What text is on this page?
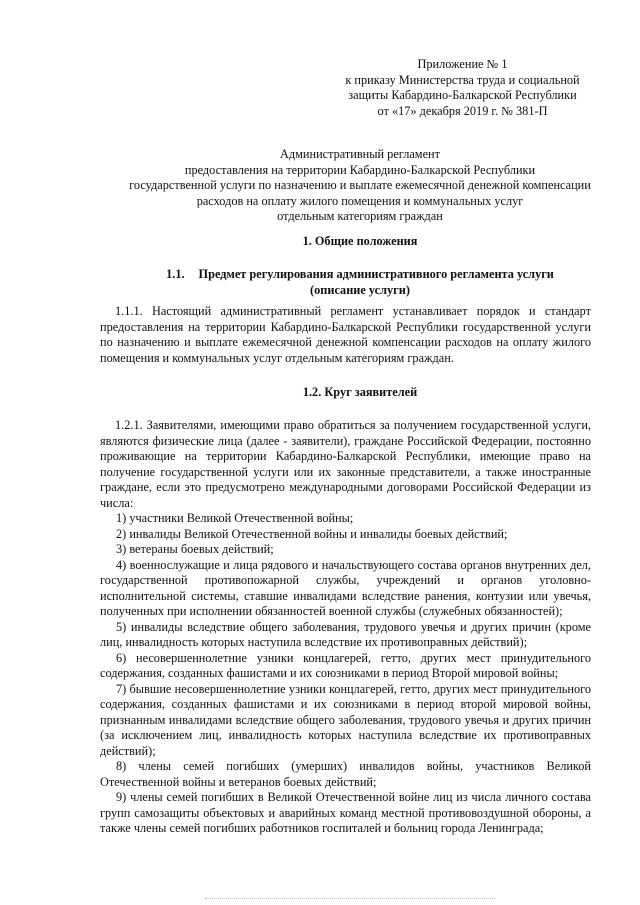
Приложение № 1
к приказу Министерства труда и социальной
защиты Кабардино-Балкарской Республики
от «17» декабря 2019 г. № 381-П
Административный регламент
предоставления на территории Кабардино-Балкарской Республики
государственной услуги по назначению и выплате ежемесячной денежной компенсации
расходов на оплату жилого помещения и коммунальных услуг
отдельным категориям граждан
1. Общие положения
1.1. Предмет регулирования административного регламента услуги
(описание услуги)

1.1.1. Настоящий административный регламент устанавливает порядок и стандарт предоставления на территории Кабардино-Балкарской Республики государственной услуги по назначению и выплате ежемесячной денежной компенсации расходов на оплату жилого помещения и коммунальных услуг отдельным категориям граждан.

1.2. Круг заявителей

1.2.1. Заявителями, имеющими право обратиться за получением государственной услуги, являются физические лица (далее - заявители), граждане Российской Федерации, постоянно проживающие на территории Кабардино-Балкарской Республики, имеющие право на получение государственной услуги или их законные представители, а также иностранные граждане, если это предусмотрено международными договорами Российской Федерации из числа:

1) участники Великой Отечественной войны;

2) инвалиды Великой Отечественной войны и инвалиды боевых действий;

3) ветераны боевых действий;

4) военнослужащие и лица рядового и начальствующего состава органов внутренних дел, государственной противопожарной службы, учреждений и органов уголовно-исполнительной системы, ставшие инвалидами вследствие ранения, контузии или увечья, полученных при исполнении обязанностей военной службы (служебных обязанностей);

5) инвалиды вследствие общего заболевания, трудового увечья и других причин (кроме лиц, инвалидность которых наступила вследствие их противоправных действий);

6) несовершеннолетние узники концлагерей, гетто, других мест принудительного содержания, созданных фашистами и их союзниками в период Второй мировой войны;

7) бывшие несовершеннолетние узники концлагерей, гетто, других мест принудительного содержания, созданных фашистами и их союзниками в период второй мировой войны, признанным инвалидами вследствие общего заболевания, трудового увечья и других причин (за исключением лиц, инвалидность которых наступила вследствие их противоправных действий);

8) члены семей погибших (умерших) инвалидов войны, участников Великой Отечественной войны и ветеранов боевых действий;

9) члены семей погибших в Великой Отечественной войне лиц из числа личного состава групп самозащиты объектовых и аварийных команд местной противовоздушной обороны, а также члены семей погибших работников госпиталей и больниц города Ленинграда;
